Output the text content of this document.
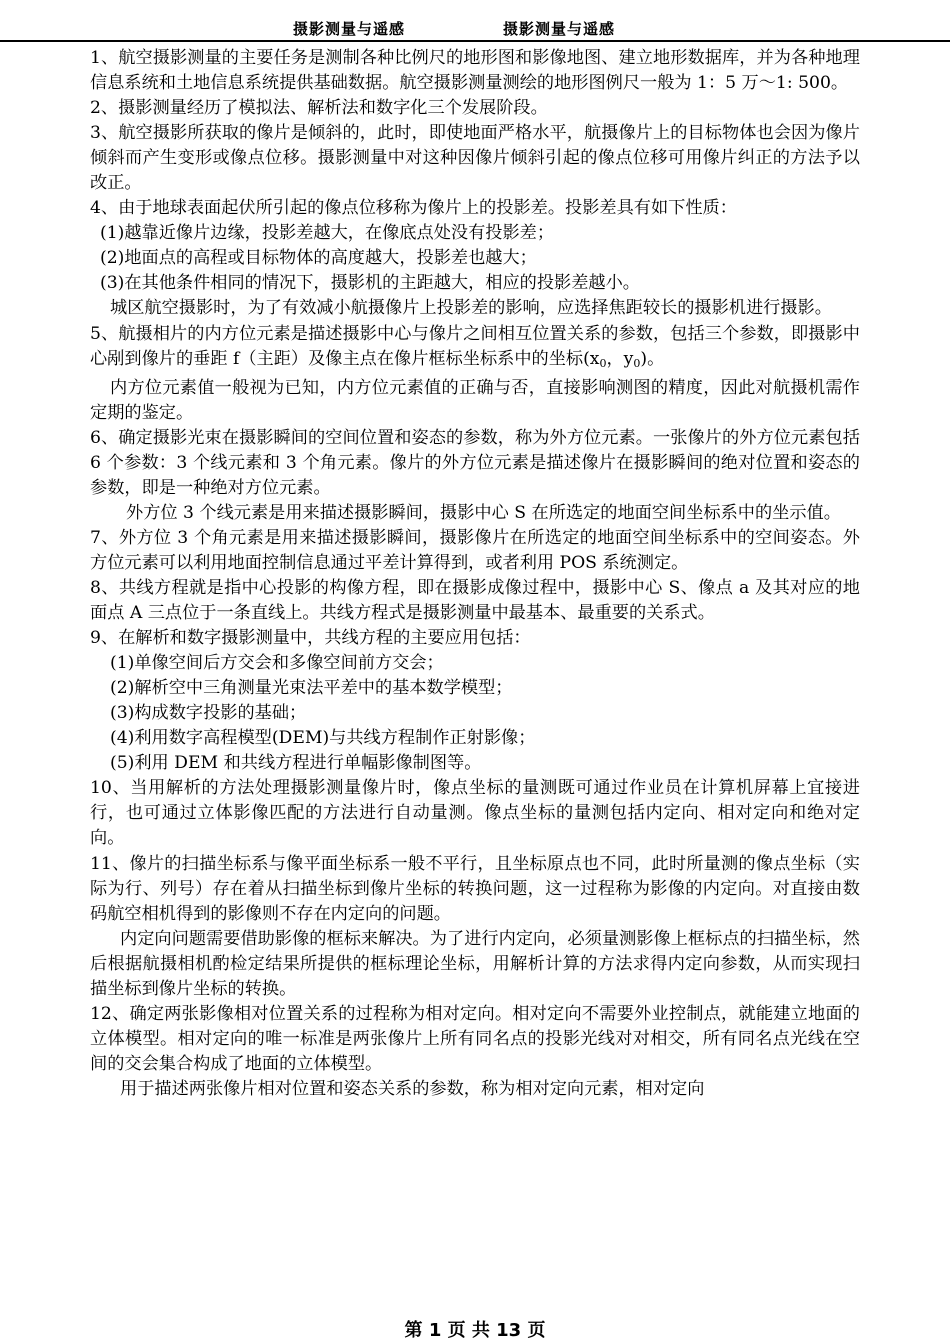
摄影测量与遥感	摄影测量与遥感

1、航空摄影测量的主要任务是测制各种比例尺的地形图和影像地图、建立地形数据库，并为各种地理信息系统和土地信息系统提供基础数据。航空摄影测量测绘的地形图例尺一般为 1：5 万～1: 500。

2、摄影测量经历了模拟法、解析法和数字化三个发展阶段。

3、航空摄影所获取的像片是倾斜的，此时，即使地面严格水平，航摄像片上的目标物体也会因为像片倾斜而产生变形或像点位移。摄影测量中对这种因像片倾斜引起的像点位移可用像片纠正的方法予以改正。

4、由于地球表面起伏所引起的像点位移称为像片上的投影差。投影差具有如下性质：

(1)越靠近像片边缘，投影差越大，在像底点处没有投影差；

(2)地面点的高程或目标物体的高度越大，投影差也越大；

(3)在其他条件相同的情况下，摄影机的主距越大，相应的投影差越小。

城区航空摄影时，为了有效减小航摄像片上投影差的影响，应选择焦距较长的摄影机进行摄影。

5、航摄相片的内方位元素是描述摄影中心与像片之间相互位置关系的参数，包括三个参数，即摄影中心剐到像片的垂距 f（主距）及像主点在像片框标坐标系中的坐标($x_0$，$y_0$)。

内方位元素值一般视为已知，内方位元素值的正确与否，直接影响测图的精度，因此对航摄机需作定期的鉴定。

6、确定摄影光束在摄影瞬间的空间位置和姿态的参数，称为外方位元素。一张像片的外方位元素包括 6 个参数：3 个线元素和 3 个角元素。像片的外方位元素是描述像片在摄影瞬间的绝对位置和姿态的参数，即是一种绝对方位元素。

外方位 3 个线元素是用来描述摄影瞬间，摄影中心 S 在所选定的地面空间坐标系中的坐示值。

7、外方位 3 个角元素是用来描述摄影瞬间，摄影像片在所选定的地面空间坐标系中的空间姿态。外方位元素可以利用地面控制信息通过平差计算得到，或者利用 POS 系统测定。

8、共线方程就是指中心投影的构像方程，即在摄影成像过程中，摄影中心 S、像点 a 及其对应的地面点 A 三点位于一条直线上。共线方程式是摄影测量中最基本、最重要的关系式。

9、在解析和数字摄影测量中，共线方程的主要应用包括：

(1)单像空间后方交会和多像空间前方交会；

(2)解析空中三角测量光束法平差中的基本数学模型；

(3)构成数字投影的基础；

(4)利用数字高程模型(DEM)与共线方程制作正射影像；

(5)利用 DEM 和共线方程进行单幅影像制图等。

10、当用解析的方法处理摄影测量像片时，像点坐标的量测既可通过作业员在计算机屏幕上宜接进行，也可通过立体影像匹配的方法进行自动量测。像点坐标的量测包括内定向、相对定向和绝对定向。

11、像片的扫描坐标系与像平面坐标系一般不平行，且坐标原点也不同，此时所量测的像点坐标（实际为行、列号）存在着从扫描坐标到像片坐标的转换问题，这一过程称为影像的内定向。对直接由数码航空相机得到的影像则不存在内定向的问题。

内定向问题需要借助影像的框标来解决。为了进行内定向，必须量测影像上框标点的扫描坐标，然后根据航摄相机酌检定结果所提供的框标理论坐标，用解析计算的方法求得内定向参数，从而实现扫描坐标到像片坐标的转换。

12、确定两张影像相对位置关系的过程称为相对定向。相对定向不需要外业控制点，就能建立地面的立体模型。相对定向的唯一标准是两张像片上所有同名点的投影光线对对相交，所有同名点光线在空间的交会集合构成了地面的立体模型。

用于描述两张像片相对位置和姿态关系的参数，称为相对定向元素，相对定向

第 1 页 共 13 页
